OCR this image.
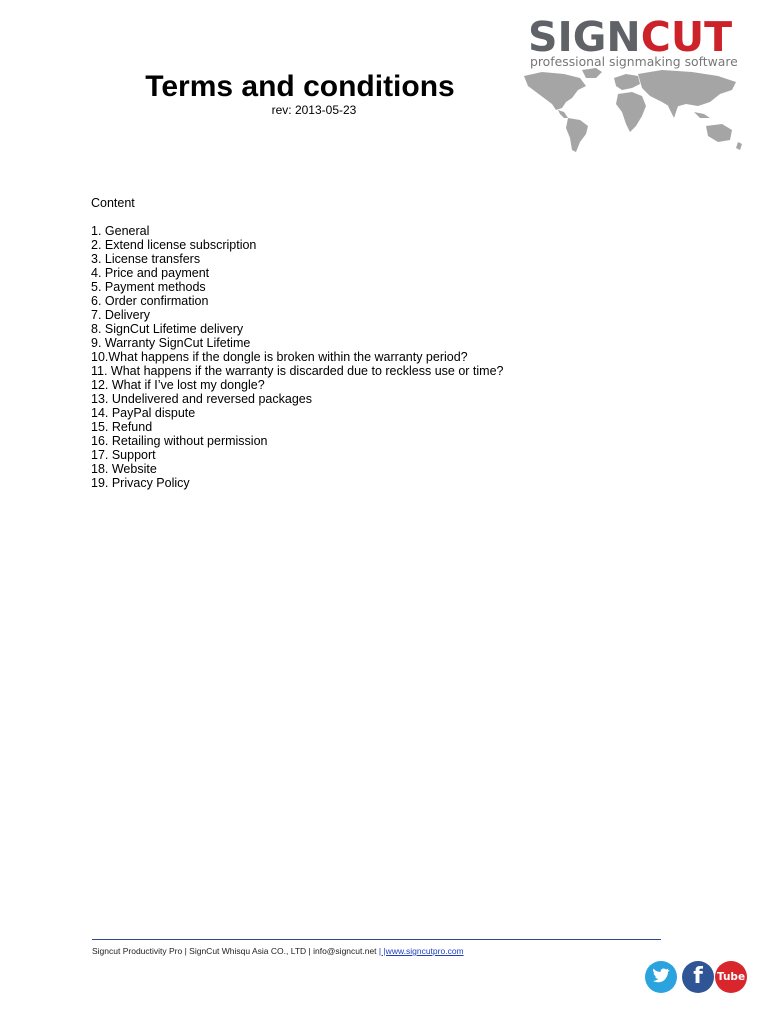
SIGNCUT
professional signmaking software
Terms and conditions
rev: 2013-05-23
Content
1. General
2. Extend license subscription
3. License transfers
4. Price and payment
5. Payment methods
6. Order confirmation
7. Delivery
8. SignCut Lifetime delivery
9. Warranty SignCut Lifetime
10.What happens if the dongle is broken within the warranty period?
11. What happens if the warranty is discarded due to reckless use or time?
12. What if I’ve lost my dongle?
13. Undelivered and reversed packages
14. PayPal dispute
15. Refund
16. Retailing without permission
17. Support
18. Website
19. Privacy Policy
Signcut Productivity Pro | SignCut Whisqu Asia CO., LTD | info@signcut.net | |www.signcutpro.com
f	Tube
